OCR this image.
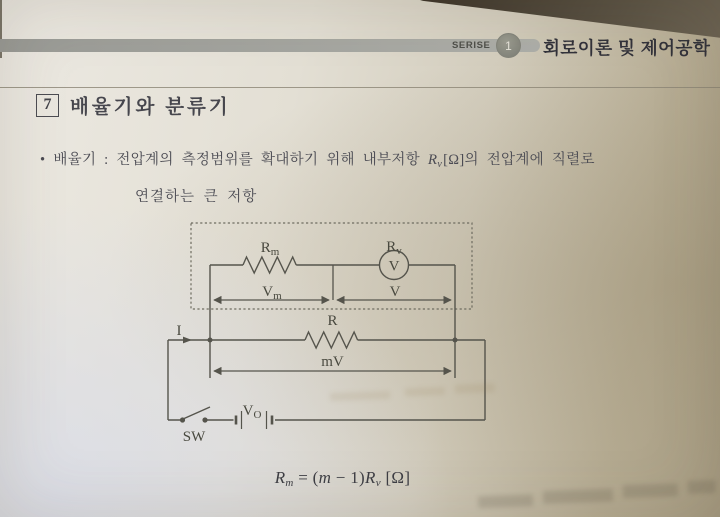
SERISE 1 회로이론 및 제어공학
7 배율기와 분류기
• 배율기 : 전압계의 측정범위를 확대하기 위해 내부저항 $R_v[\Omega]$의 전압계에 직렬로
연결하는 큰 저항
V
$R_m$	$R_v$
$V_m$	V
I
R
mV
SW
$V_O$
$R_m = (m - 1)R_v$ [Ω]
